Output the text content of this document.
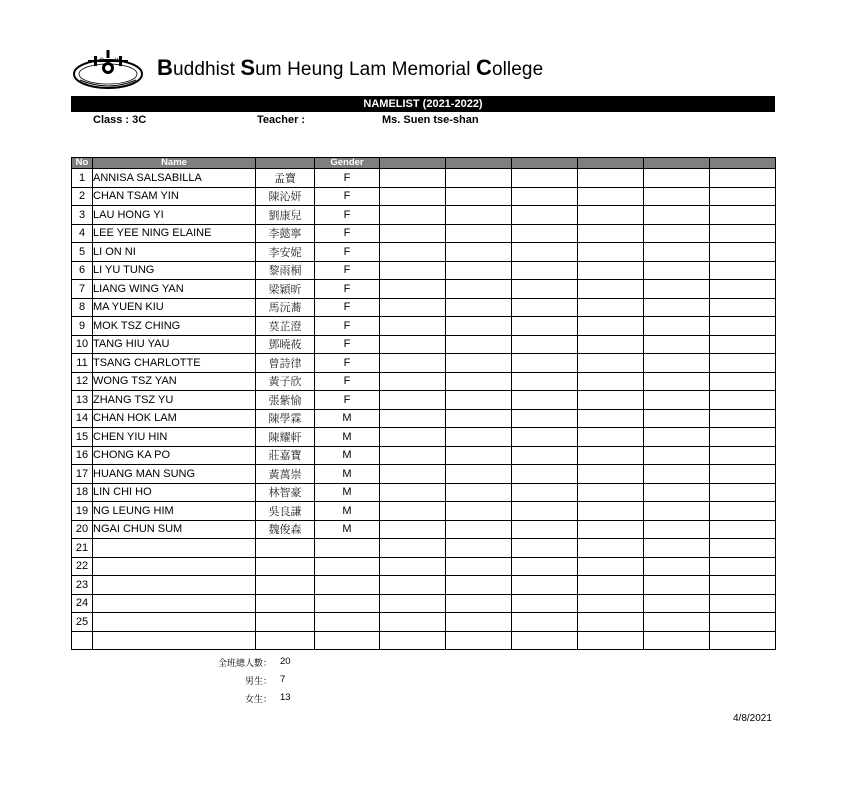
佛 林 Buddhist Sum Heung Lam Memorial College
NAMELIST (2021-2022)
Class : 3C	Teacher :	Ms. Suen tse-shan
No	Name		Gender						
1	ANNISA SALSABILLA	孟寶	F						
2	CHAN TSAM YIN	陳沁妍	F						
3	LAU HONG YI	劉康兒	F						
4	LEE YEE NING ELAINE	李懿寧	F						
5	LI ON NI	李安妮	F						
6	LI YU TUNG	黎雨桐	F						
7	LIANG WING YAN	梁穎昕	F						
8	MA YUEN KIU	馬沅蕎	F						
9	MOK TSZ CHING	莫芷澄	F						
10	TANG HIU YAU	鄧曉莜	F						
11	TSANG CHARLOTTE	曾詩律	F						
12	WONG TSZ YAN	黃子欣	F						
13	ZHANG TSZ YU	張紫愉	F						
14	CHAN HOK LAM	陳學霖	M						
15	CHEN YIU HIN	陳耀軒	M						
16	CHONG KA PO	莊嘉寶	M						
17	HUANG MAN SUNG	黃萬崇	M						
18	LIN CHI HO	林智豪	M						
19	NG LEUNG HIM	吳良謙	M						
20	NGAI CHUN SUM	魏俊森	M						
21									
22									
23									
24									
25									

全班總人數： 20
男生： 7
女生： 13
4/8/2021
